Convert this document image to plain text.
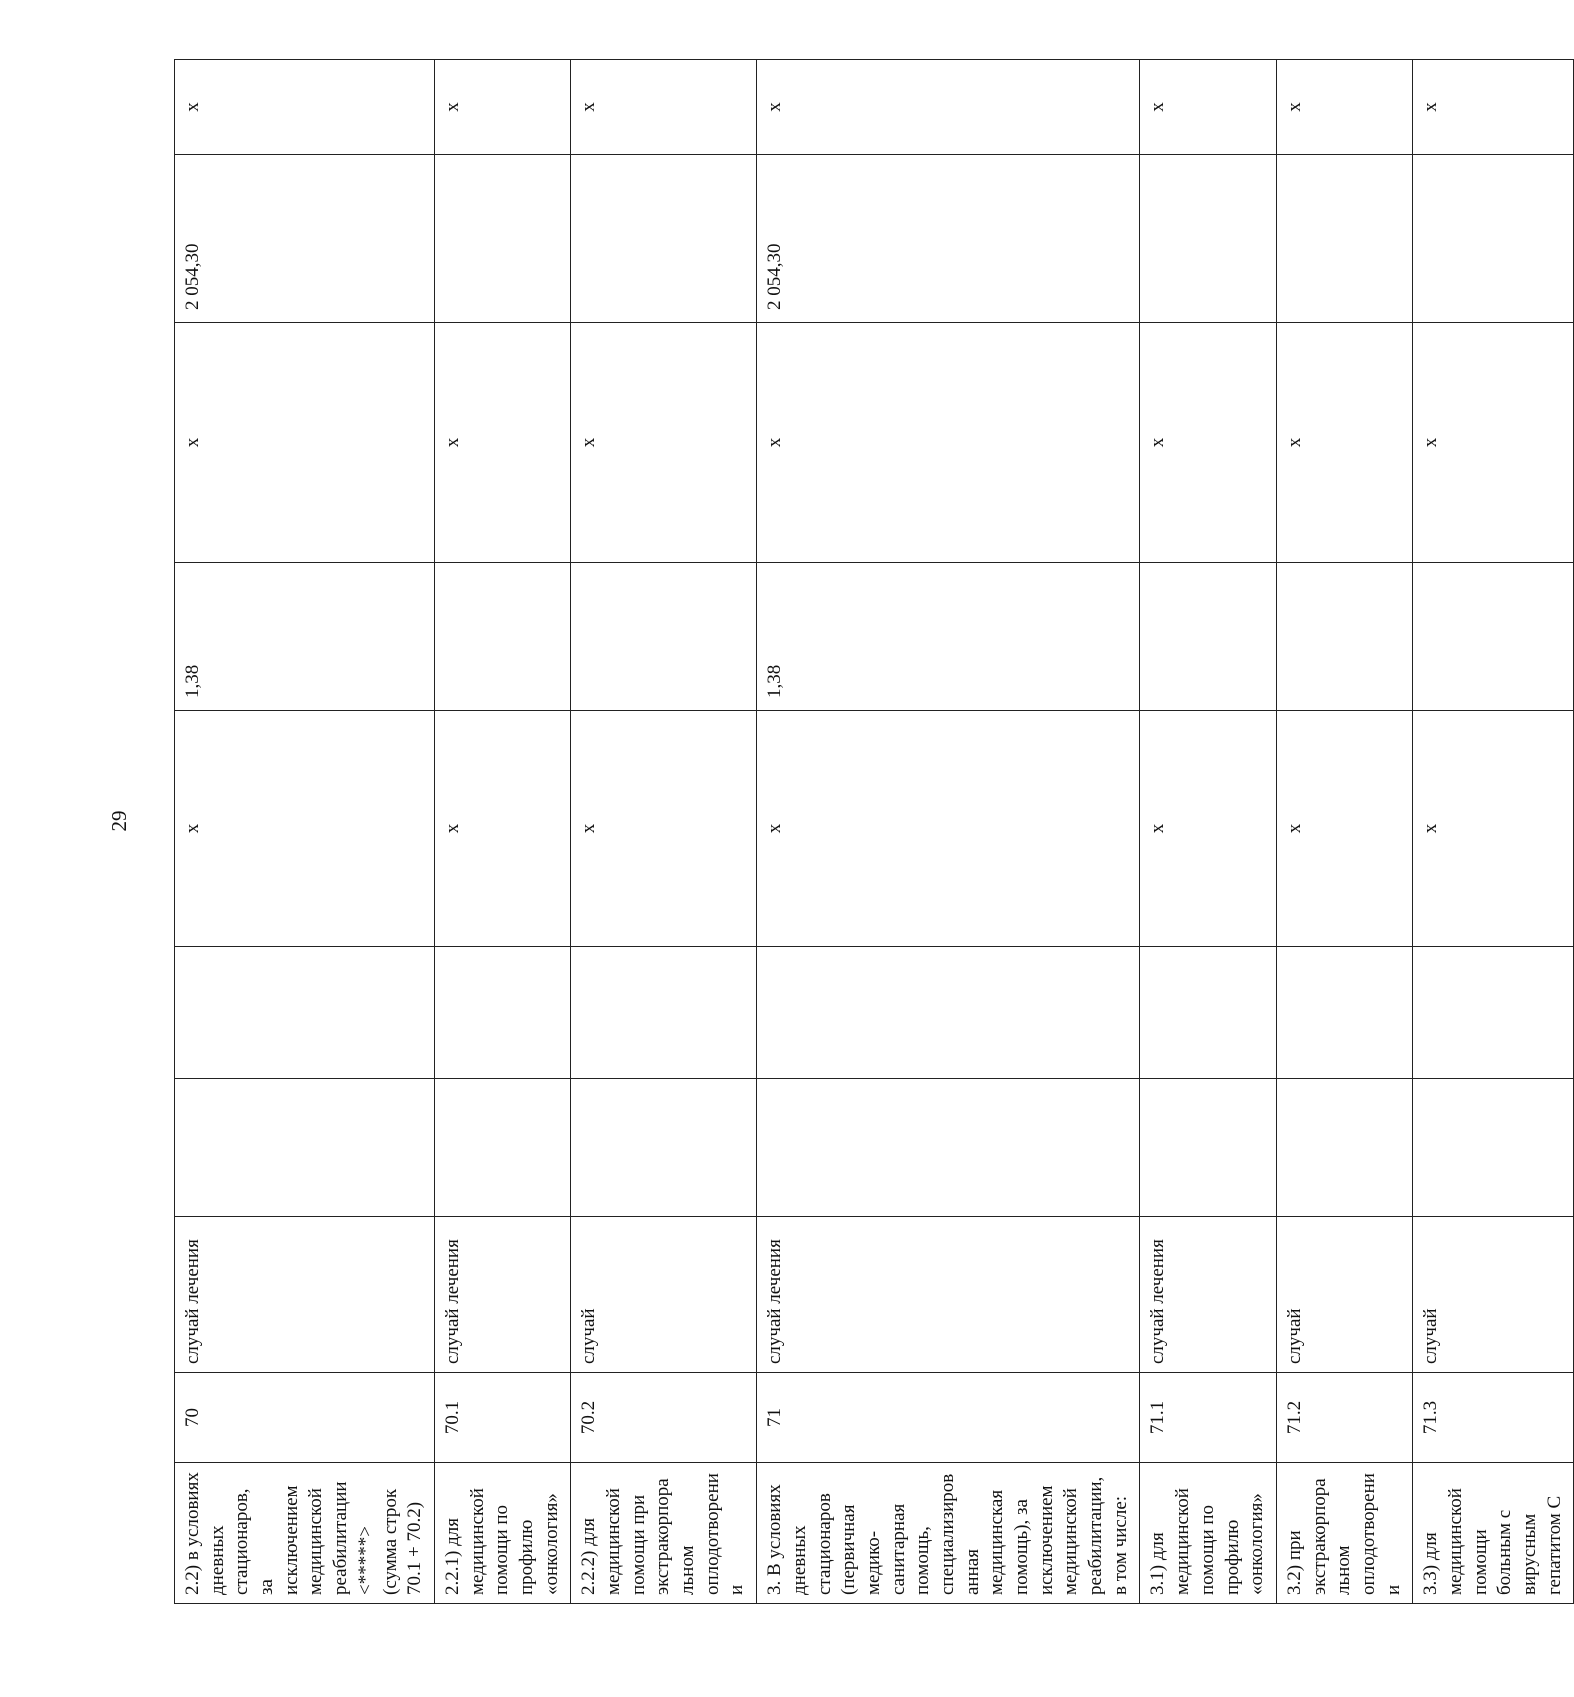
29
2.2) в условиях дневных стационаров, за исключением медицинской реабилитации <*****> (сумма строк 70.1 + 70.2)	70	случай лечения			х	1,38	х	2 054,30	х
2.2.1) для медицинской помощи по профилю «онкология»	70.1	случай лечения			х		х		х
2.2.2) для медицинской помощи при экстракорпоральном оплодотворении	70.2	случай			х		х		х
3. В условиях дневных стационаров (первичная медико-санитарная помощь, специализированная медицинская помощь), за исключением медицинской реабилитации, в том числе:	71	случай лечения			х	1,38	х	2 054,30	х
3.1) для медицинской помощи по профилю «онкология»	71.1	случай лечения			х		х		х
3.2) при экстракорпоральном оплодотворении	71.2	случай			х		х		х
3.3) для медицинской помощи больным с вирусным гепатитом С	71.3	случай			х		х		х
